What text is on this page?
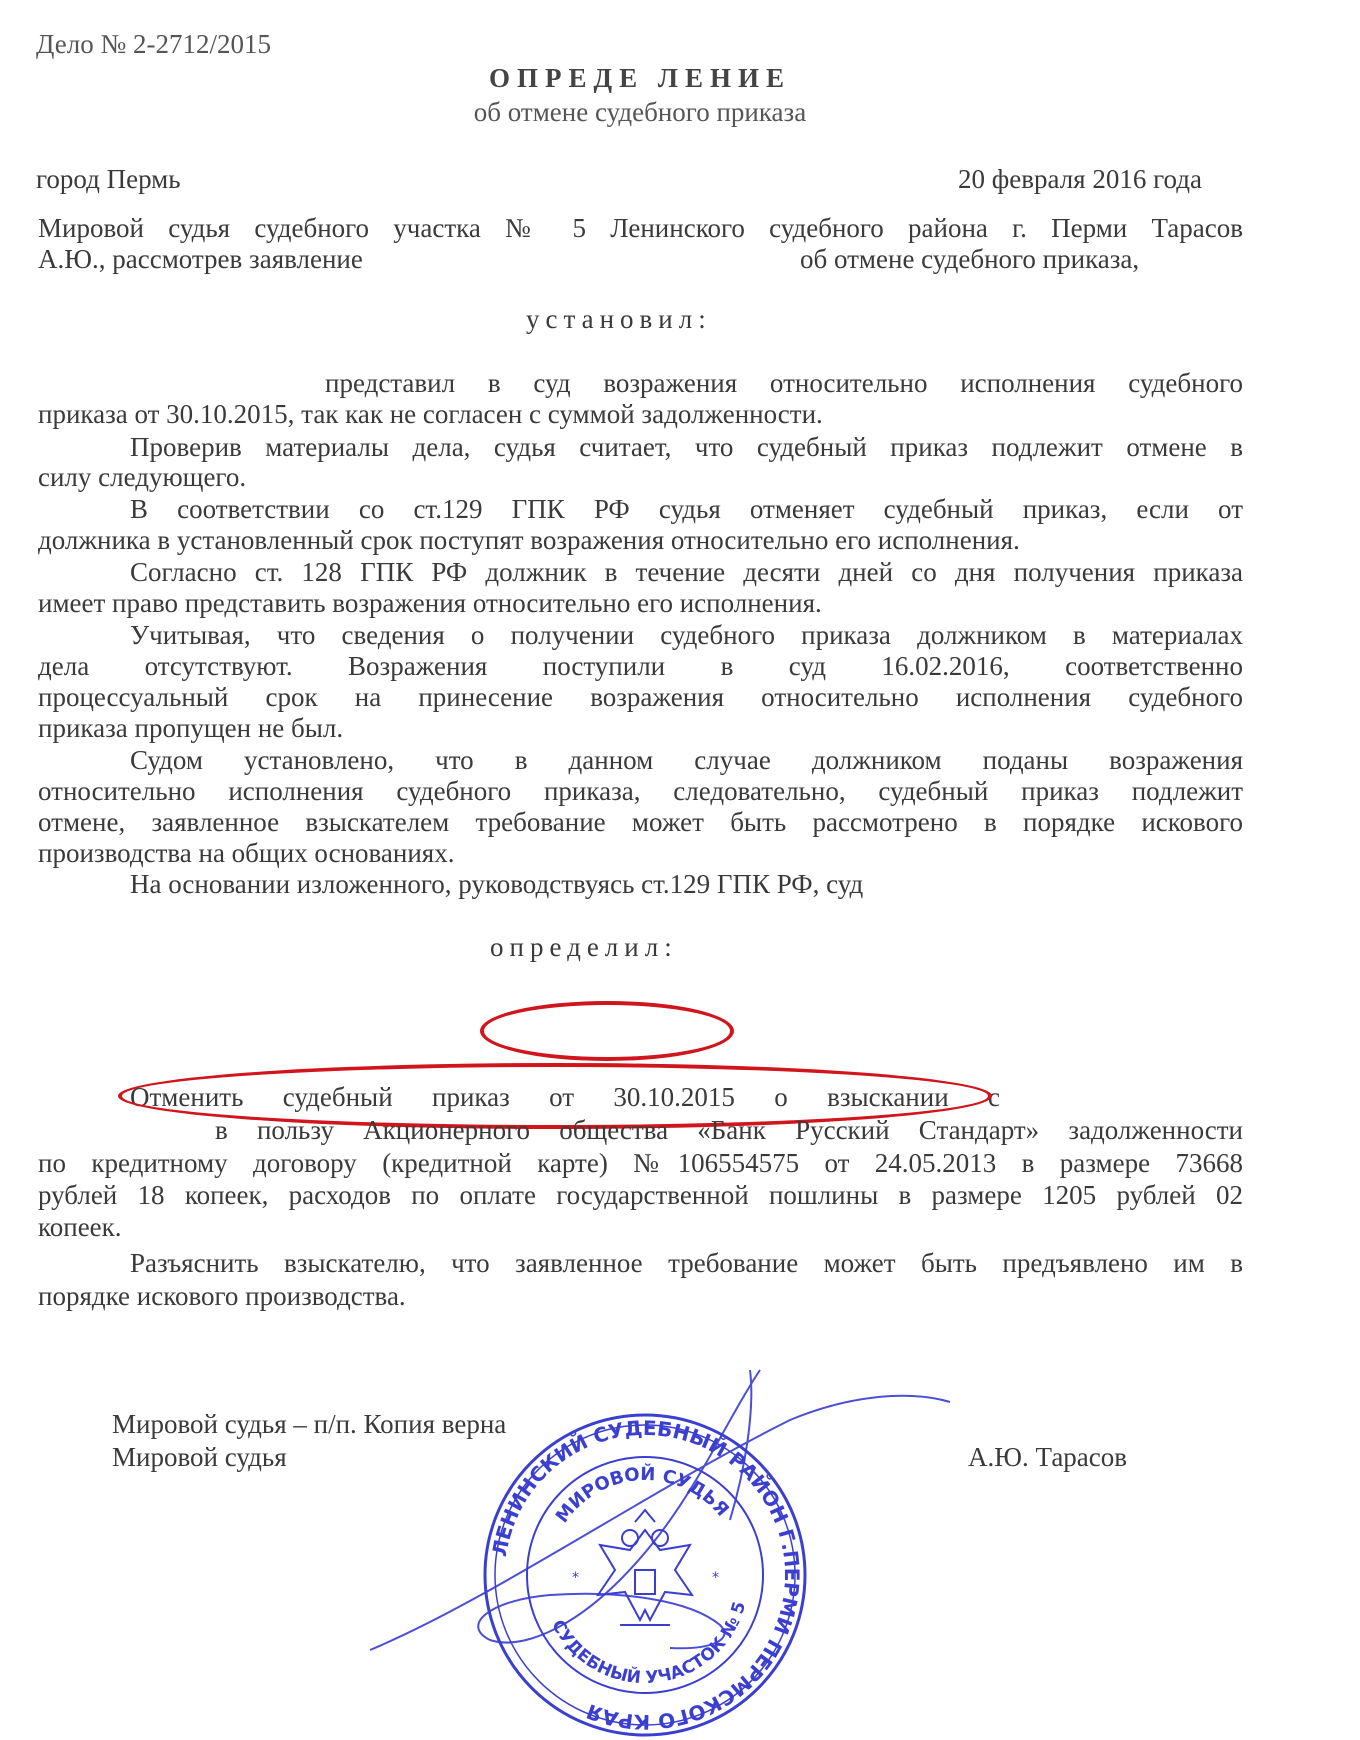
Дело № 2-2712/2015
ОПРЕДЕ ЛЕНИЕ
об отмене судебного приказа
город Пермь	20 февраля 2016 года
Мировой судья судебного участка № 5 Ленинского судебного района г. Перми Тарасов
А.Ю., рассмотрев заявление	об отмене судебного приказа,
установил:
представил в суд возражения относительно исполнения судебного
приказа от 30.10.2015, так как не согласен с суммой задолженности.
Проверив материалы дела, судья считает, что судебный приказ подлежит отмене в
силу следующего.
В соответствии со ст.129 ГПК РФ судья отменяет судебный приказ, если от
должника в установленный срок поступят возражения относительно его исполнения.
Согласно ст. 128 ГПК РФ должник в течение десяти дней со дня получения приказа
имеет право представить возражения относительно его исполнения.
Учитывая, что сведения о получении судебного приказа должником в материалах
дела отсутствуют. Возражения поступили в суд 16.02.2016, соответственно
процессуальный срок на принесение возражения относительно исполнения судебного
приказа пропущен не был.
Судом установлено, что в данном случае должником поданы возражения
относительно исполнения судебного приказа, следовательно, судебный приказ подлежит
отмене, заявленное взыскателем требование может быть рассмотрено в порядке искового
производства на общих основаниях.
На основании изложенного, руководствуясь ст.129 ГПК РФ, суд
определил:
Отменить судебный приказ от 30.10.2015 о взыскании с
в пользу Акционерного общества «Банк Русский Стандарт» задолженности
по кредитному договору (кредитной карте) №106554575 от 24.05.2013 в размере 73668
рублей 18 копеек, расходов по оплате государственной пошлины в размере 1205 рублей 02
копеек.
Разъяснить взыскателю, что заявленное требование может быть предъявлено им в
порядке искового производства.
Мировой судья – п/п. Копия верна
Мировой судья	А.Ю. Тарасов
ЛЕНИНСКИЙ СУДЕБНЫЙ РАЙОН Г.ПЕРМИ ПЕРМСКОГО КРАЯ
МИРОВОЙ СУДЬЯ
СУДЕБНЫЙ УЧАСТОК № 5
*	*
